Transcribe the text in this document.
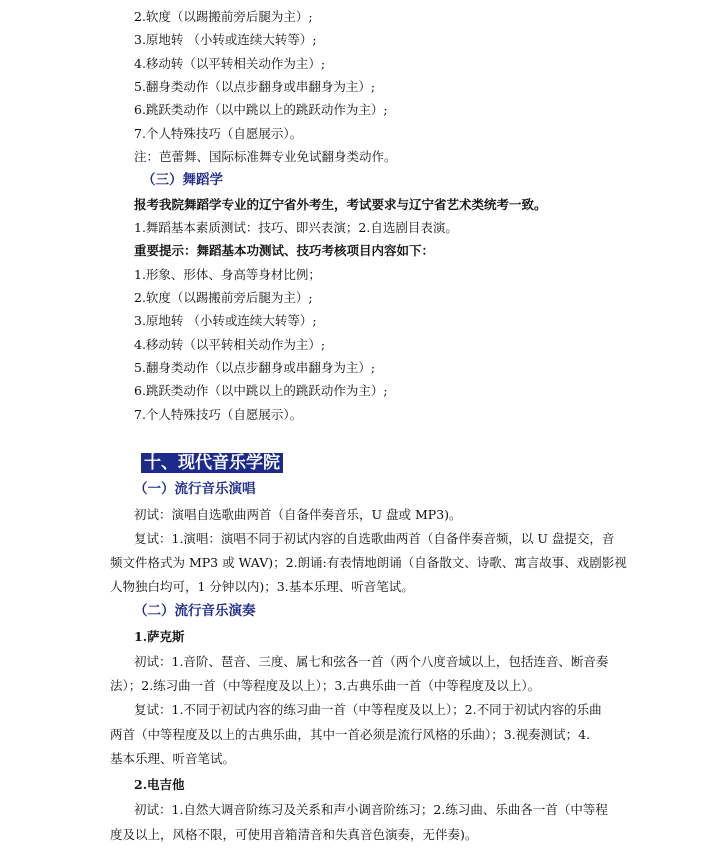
2.软度（以踢搬前旁后腿为主）;
3.原地转 （小转或连续大转等）;
4.移动转（以平转相关动作为主）;
5.翻身类动作（以点步翻身或串翻身为主）;
6.跳跃类动作（以中跳以上的跳跃动作为主）;
7.个人特殊技巧（自愿展示）。
注：芭蕾舞、国际标准舞专业免试翻身类动作。
（三）舞蹈学
报考我院舞蹈学专业的辽宁省外考生，考试要求与辽宁省艺术类统考一致。
1.舞蹈基本素质测试：技巧、即兴表演；2.自选剧目表演。
重要提示：舞蹈基本功测试、技巧考核项目内容如下：
1.形象、形体、身高等身材比例；
2.软度（以踢搬前旁后腿为主）;
3.原地转 （小转或连续大转等）;
4.移动转（以平转相关动作为主）;
5.翻身类动作（以点步翻身或串翻身为主）;
6.跳跃类动作（以中跳以上的跳跃动作为主）;
7.个人特殊技巧（自愿展示）。
十、现代音乐学院
（一）流行音乐演唱
初试：演唱自选歌曲两首（自备伴奏音乐，U 盘或 MP3)。
复试：1.演唱：演唱不同于初试内容的自选歌曲两首（自备伴奏音频，以 U 盘提交，音
频文件格式为 MP3 或 WAV)；2.朗诵:有表情地朗诵（自备散文、诗歌、寓言故事、戏剧影视
人物独白均可，1 分钟以内)；3.基本乐理、听音笔试。
（二）流行音乐演奏
1.萨克斯
初试：1.音阶、琶音、三度、属七和弦各一首（两个八度音域以上，包括连音、断音奏
法）；2.练习曲一首（中等程度及以上）；3.古典乐曲一首（中等程度及以上）。
复试：1.不同于初试内容的练习曲一首（中等程度及以上）；2.不同于初试内容的乐曲
两首（中等程度及以上的古典乐曲，其中一首必须是流行风格的乐曲）；3.视奏测试；4.
基本乐理、听音笔试。
2.电吉他
初试：1.自然大调音阶练习及关系和声小调音阶练习；2.练习曲、乐曲各一首（中等程
度及以上，风格不限，可使用音箱清音和失真音色演奏，无伴奏)。
